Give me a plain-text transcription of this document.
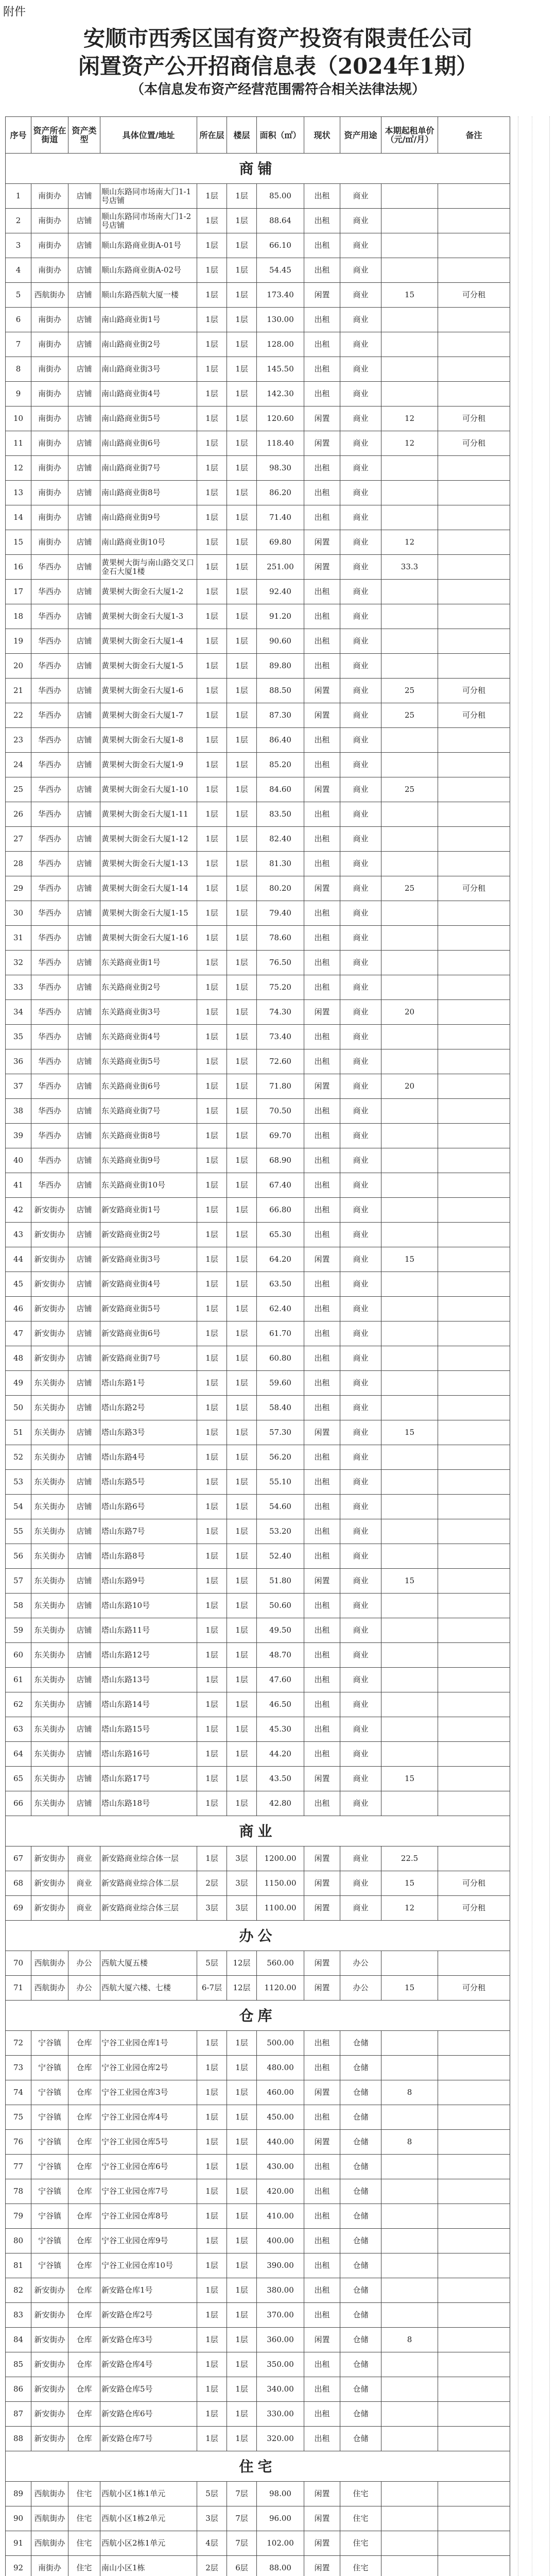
附件
安顺市西秀区国有资产投资有限责任公司
闲置资产公开招商信息表（2024年1期）
（本信息发布资产经营范围需符合相关法律法规）
序号	资产所在街道	资产类型	具体位置/地址	所在层	楼层	面积（㎡）	现状	资产用途	本期起租单价（元/㎡/月）	备注
商铺										
1	南街办	店铺	顺山东路同市场南大门1-1号店铺	1层	1层	85.00	出租	商业		
2	南街办	店铺	顺山东路同市场南大门1-2号店铺	1层	1层	88.64	出租	商业		
3	南街办	店铺	顺山东路商业街A-01号	1层	1层	66.10	出租	商业		
4	南街办	店铺	顺山东路商业街A-02号	1层	1层	54.45	出租	商业		
5	西航街办	店铺	顺山东路西航大厦一楼	1层	1层	173.40	闲置	商业	15	可分租
6	南街办	店铺	南山路商业街1号	1层	1层	130.00	出租	商业		
7	南街办	店铺	南山路商业街2号	1层	1层	128.00	出租	商业		
8	南街办	店铺	南山路商业街3号	1层	1层	145.50	出租	商业		
9	南街办	店铺	南山路商业街4号	1层	1层	142.30	出租	商业		
10	南街办	店铺	南山路商业街5号	1层	1层	120.60	闲置	商业	12	可分租
11	南街办	店铺	南山路商业街6号	1层	1层	118.40	闲置	商业	12	可分租
12	南街办	店铺	南山路商业街7号	1层	1层	98.30	出租	商业		
13	南街办	店铺	南山路商业街8号	1层	1层	86.20	出租	商业		
14	南街办	店铺	南山路商业街9号	1层	1层	71.40	出租	商业		
15	南街办	店铺	南山路商业街10号	1层	1层	69.80	闲置	商业	12	
16	华西办	店铺	黄果树大街与南山路交叉口金石大厦1楼	1层	1层	251.00	闲置	商业	33.3	
17	华西办	店铺	黄果树大街金石大厦1-2	1层	1层	92.40	出租	商业		
18	华西办	店铺	黄果树大街金石大厦1-3	1层	1层	91.20	出租	商业		
19	华西办	店铺	黄果树大街金石大厦1-4	1层	1层	90.60	出租	商业		
20	华西办	店铺	黄果树大街金石大厦1-5	1层	1层	89.80	出租	商业		
21	华西办	店铺	黄果树大街金石大厦1-6	1层	1层	88.50	闲置	商业	25	可分租
22	华西办	店铺	黄果树大街金石大厦1-7	1层	1层	87.30	闲置	商业	25	可分租
23	华西办	店铺	黄果树大街金石大厦1-8	1层	1层	86.40	出租	商业		
24	华西办	店铺	黄果树大街金石大厦1-9	1层	1层	85.20	出租	商业		
25	华西办	店铺	黄果树大街金石大厦1-10	1层	1层	84.60	闲置	商业	25	
26	华西办	店铺	黄果树大街金石大厦1-11	1层	1层	83.50	出租	商业		
27	华西办	店铺	黄果树大街金石大厦1-12	1层	1层	82.40	出租	商业		
28	华西办	店铺	黄果树大街金石大厦1-13	1层	1层	81.30	出租	商业		
29	华西办	店铺	黄果树大街金石大厦1-14	1层	1层	80.20	闲置	商业	25	可分租
30	华西办	店铺	黄果树大街金石大厦1-15	1层	1层	79.40	出租	商业		
31	华西办	店铺	黄果树大街金石大厦1-16	1层	1层	78.60	出租	商业		
32	华西办	店铺	东关路商业街1号	1层	1层	76.50	出租	商业		
33	华西办	店铺	东关路商业街2号	1层	1层	75.20	出租	商业		
34	华西办	店铺	东关路商业街3号	1层	1层	74.30	闲置	商业	20	
35	华西办	店铺	东关路商业街4号	1层	1层	73.40	出租	商业		
36	华西办	店铺	东关路商业街5号	1层	1层	72.60	出租	商业		
37	华西办	店铺	东关路商业街6号	1层	1层	71.80	闲置	商业	20	
38	华西办	店铺	东关路商业街7号	1层	1层	70.50	出租	商业		
39	华西办	店铺	东关路商业街8号	1层	1层	69.70	出租	商业		
40	华西办	店铺	东关路商业街9号	1层	1层	68.90	出租	商业		
41	华西办	店铺	东关路商业街10号	1层	1层	67.40	出租	商业		
42	新安街办	店铺	新安路商业街1号	1层	1层	66.80	出租	商业		
43	新安街办	店铺	新安路商业街2号	1层	1层	65.30	出租	商业		
44	新安街办	店铺	新安路商业街3号	1层	1层	64.20	闲置	商业	15	
45	新安街办	店铺	新安路商业街4号	1层	1层	63.50	出租	商业		
46	新安街办	店铺	新安路商业街5号	1层	1层	62.40	出租	商业		
47	新安街办	店铺	新安路商业街6号	1层	1层	61.70	出租	商业		
48	新安街办	店铺	新安路商业街7号	1层	1层	60.80	出租	商业		
49	东关街办	店铺	塔山东路1号	1层	1层	59.60	出租	商业		
50	东关街办	店铺	塔山东路2号	1层	1层	58.40	出租	商业		
51	东关街办	店铺	塔山东路3号	1层	1层	57.30	闲置	商业	15	
52	东关街办	店铺	塔山东路4号	1层	1层	56.20	出租	商业		
53	东关街办	店铺	塔山东路5号	1层	1层	55.10	出租	商业		
54	东关街办	店铺	塔山东路6号	1层	1层	54.60	出租	商业		
55	东关街办	店铺	塔山东路7号	1层	1层	53.20	出租	商业		
56	东关街办	店铺	塔山东路8号	1层	1层	52.40	出租	商业		
57	东关街办	店铺	塔山东路9号	1层	1层	51.80	闲置	商业	15	
58	东关街办	店铺	塔山东路10号	1层	1层	50.60	出租	商业		
59	东关街办	店铺	塔山东路11号	1层	1层	49.50	出租	商业		
60	东关街办	店铺	塔山东路12号	1层	1层	48.70	出租	商业		
61	东关街办	店铺	塔山东路13号	1层	1层	47.60	出租	商业		
62	东关街办	店铺	塔山东路14号	1层	1层	46.50	出租	商业		
63	东关街办	店铺	塔山东路15号	1层	1层	45.30	出租	商业		
64	东关街办	店铺	塔山东路16号	1层	1层	44.20	出租	商业		
65	东关街办	店铺	塔山东路17号	1层	1层	43.50	闲置	商业	15	
66	东关街办	店铺	塔山东路18号	1层	1层	42.80	出租	商业		
商业										
67	新安街办	商业	新安路商业综合体一层	1层	3层	1200.00	闲置	商业	22.5	
68	新安街办	商业	新安路商业综合体二层	2层	3层	1150.00	闲置	商业	15	可分租
69	新安街办	商业	新安路商业综合体三层	3层	3层	1100.00	闲置	商业	12	可分租
办公										
70	西航街办	办公	西航大厦五楼	5层	12层	560.00	闲置	办公		
71	西航街办	办公	西航大厦六楼、七楼	6-7层	12层	1120.00	闲置	办公	15	可分租
仓库										
72	宁谷镇	仓库	宁谷工业园仓库1号	1层	1层	500.00	出租	仓储		
73	宁谷镇	仓库	宁谷工业园仓库2号	1层	1层	480.00	出租	仓储		
74	宁谷镇	仓库	宁谷工业园仓库3号	1层	1层	460.00	闲置	仓储	8	
75	宁谷镇	仓库	宁谷工业园仓库4号	1层	1层	450.00	出租	仓储		
76	宁谷镇	仓库	宁谷工业园仓库5号	1层	1层	440.00	闲置	仓储	8	
77	宁谷镇	仓库	宁谷工业园仓库6号	1层	1层	430.00	出租	仓储		
78	宁谷镇	仓库	宁谷工业园仓库7号	1层	1层	420.00	出租	仓储		
79	宁谷镇	仓库	宁谷工业园仓库8号	1层	1层	410.00	出租	仓储		
80	宁谷镇	仓库	宁谷工业园仓库9号	1层	1层	400.00	出租	仓储		
81	宁谷镇	仓库	宁谷工业园仓库10号	1层	1层	390.00	出租	仓储		
82	新安街办	仓库	新安路仓库1号	1层	1层	380.00	出租	仓储		
83	新安街办	仓库	新安路仓库2号	1层	1层	370.00	出租	仓储		
84	新安街办	仓库	新安路仓库3号	1层	1层	360.00	闲置	仓储	8	
85	新安街办	仓库	新安路仓库4号	1层	1层	350.00	出租	仓储		
86	新安街办	仓库	新安路仓库5号	1层	1层	340.00	出租	仓储		
87	新安街办	仓库	新安路仓库6号	1层	1层	330.00	出租	仓储		
88	新安街办	仓库	新安路仓库7号	1层	1层	320.00	出租	仓储		
住宅										
89	西航街办	住宅	西航小区1栋1单元	5层	7层	98.00	闲置	住宅		
90	西航街办	住宅	西航小区1栋2单元	3层	7层	96.00	闲置	住宅		
91	西航街办	住宅	西航小区2栋1单元	4层	7层	102.00	闲置	住宅		
92	南街办	住宅	南山小区1栋	2层	6层	88.00	闲置	住宅		
